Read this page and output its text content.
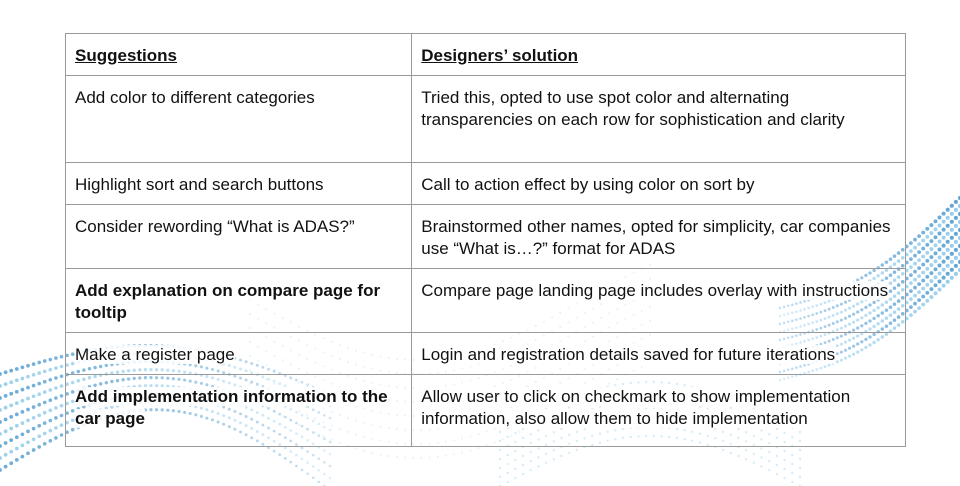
Suggestions	Designers’ solution
Add color to different categories	Tried this, opted to use spot color and alternating transparencies on each row for sophistication and clarity
Highlight sort and search buttons	Call to action effect by using color on sort by
Consider rewording “What is ADAS?”	Brainstormed other names, opted for simplicity, car companies use “What is…?” format for ADAS
Add explanation on compare page for tooltip	Compare page landing page includes overlay with instructions
Make a register page	Login and registration details saved for future iterations
Add implementation information to the car page	Allow user to click on checkmark to show implementation information, also allow them to hide implementation
